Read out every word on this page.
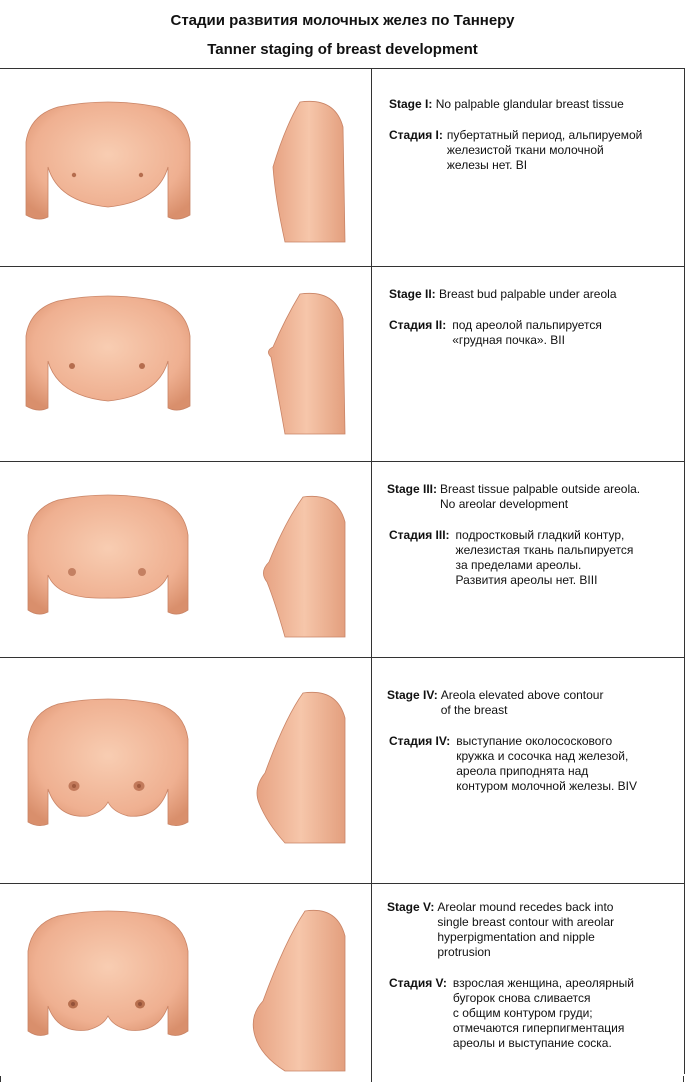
Стадии развития молочных желез по Таннеру
Tanner staging of breast development
Stage I: No palpable glandular breast tissue
Стадия I: пубертатный период, альпируемой
железистой ткани молочной
железы нет. BI
Stage II: Breast bud palpable under areola
Стадия II: под ареолой пальпируется
«грудная почка». BII
Stage III: Breast tissue palpable outside areola.
No areolar development
Стадия III: подростковый гладкий контур,
железистая ткань пальпируется
за пределами ареолы.
Развития ареолы нет. BIII
Stage IV: Areola elevated above contour
of the breast
Стадия IV: выступание околососкового
кружка и сосочка над железой,
ареола приподнята над
контуром молочной железы. BIV
Stage V: Areolar mound recedes back into
single breast contour with areolar
hyperpigmentation and nipple
protrusion
Стадия V: взрослая женщина, ареолярный
бугорок снова сливается
с общим контуром груди;
отмечаются гиперпигментация
ареолы и выступание соска.
